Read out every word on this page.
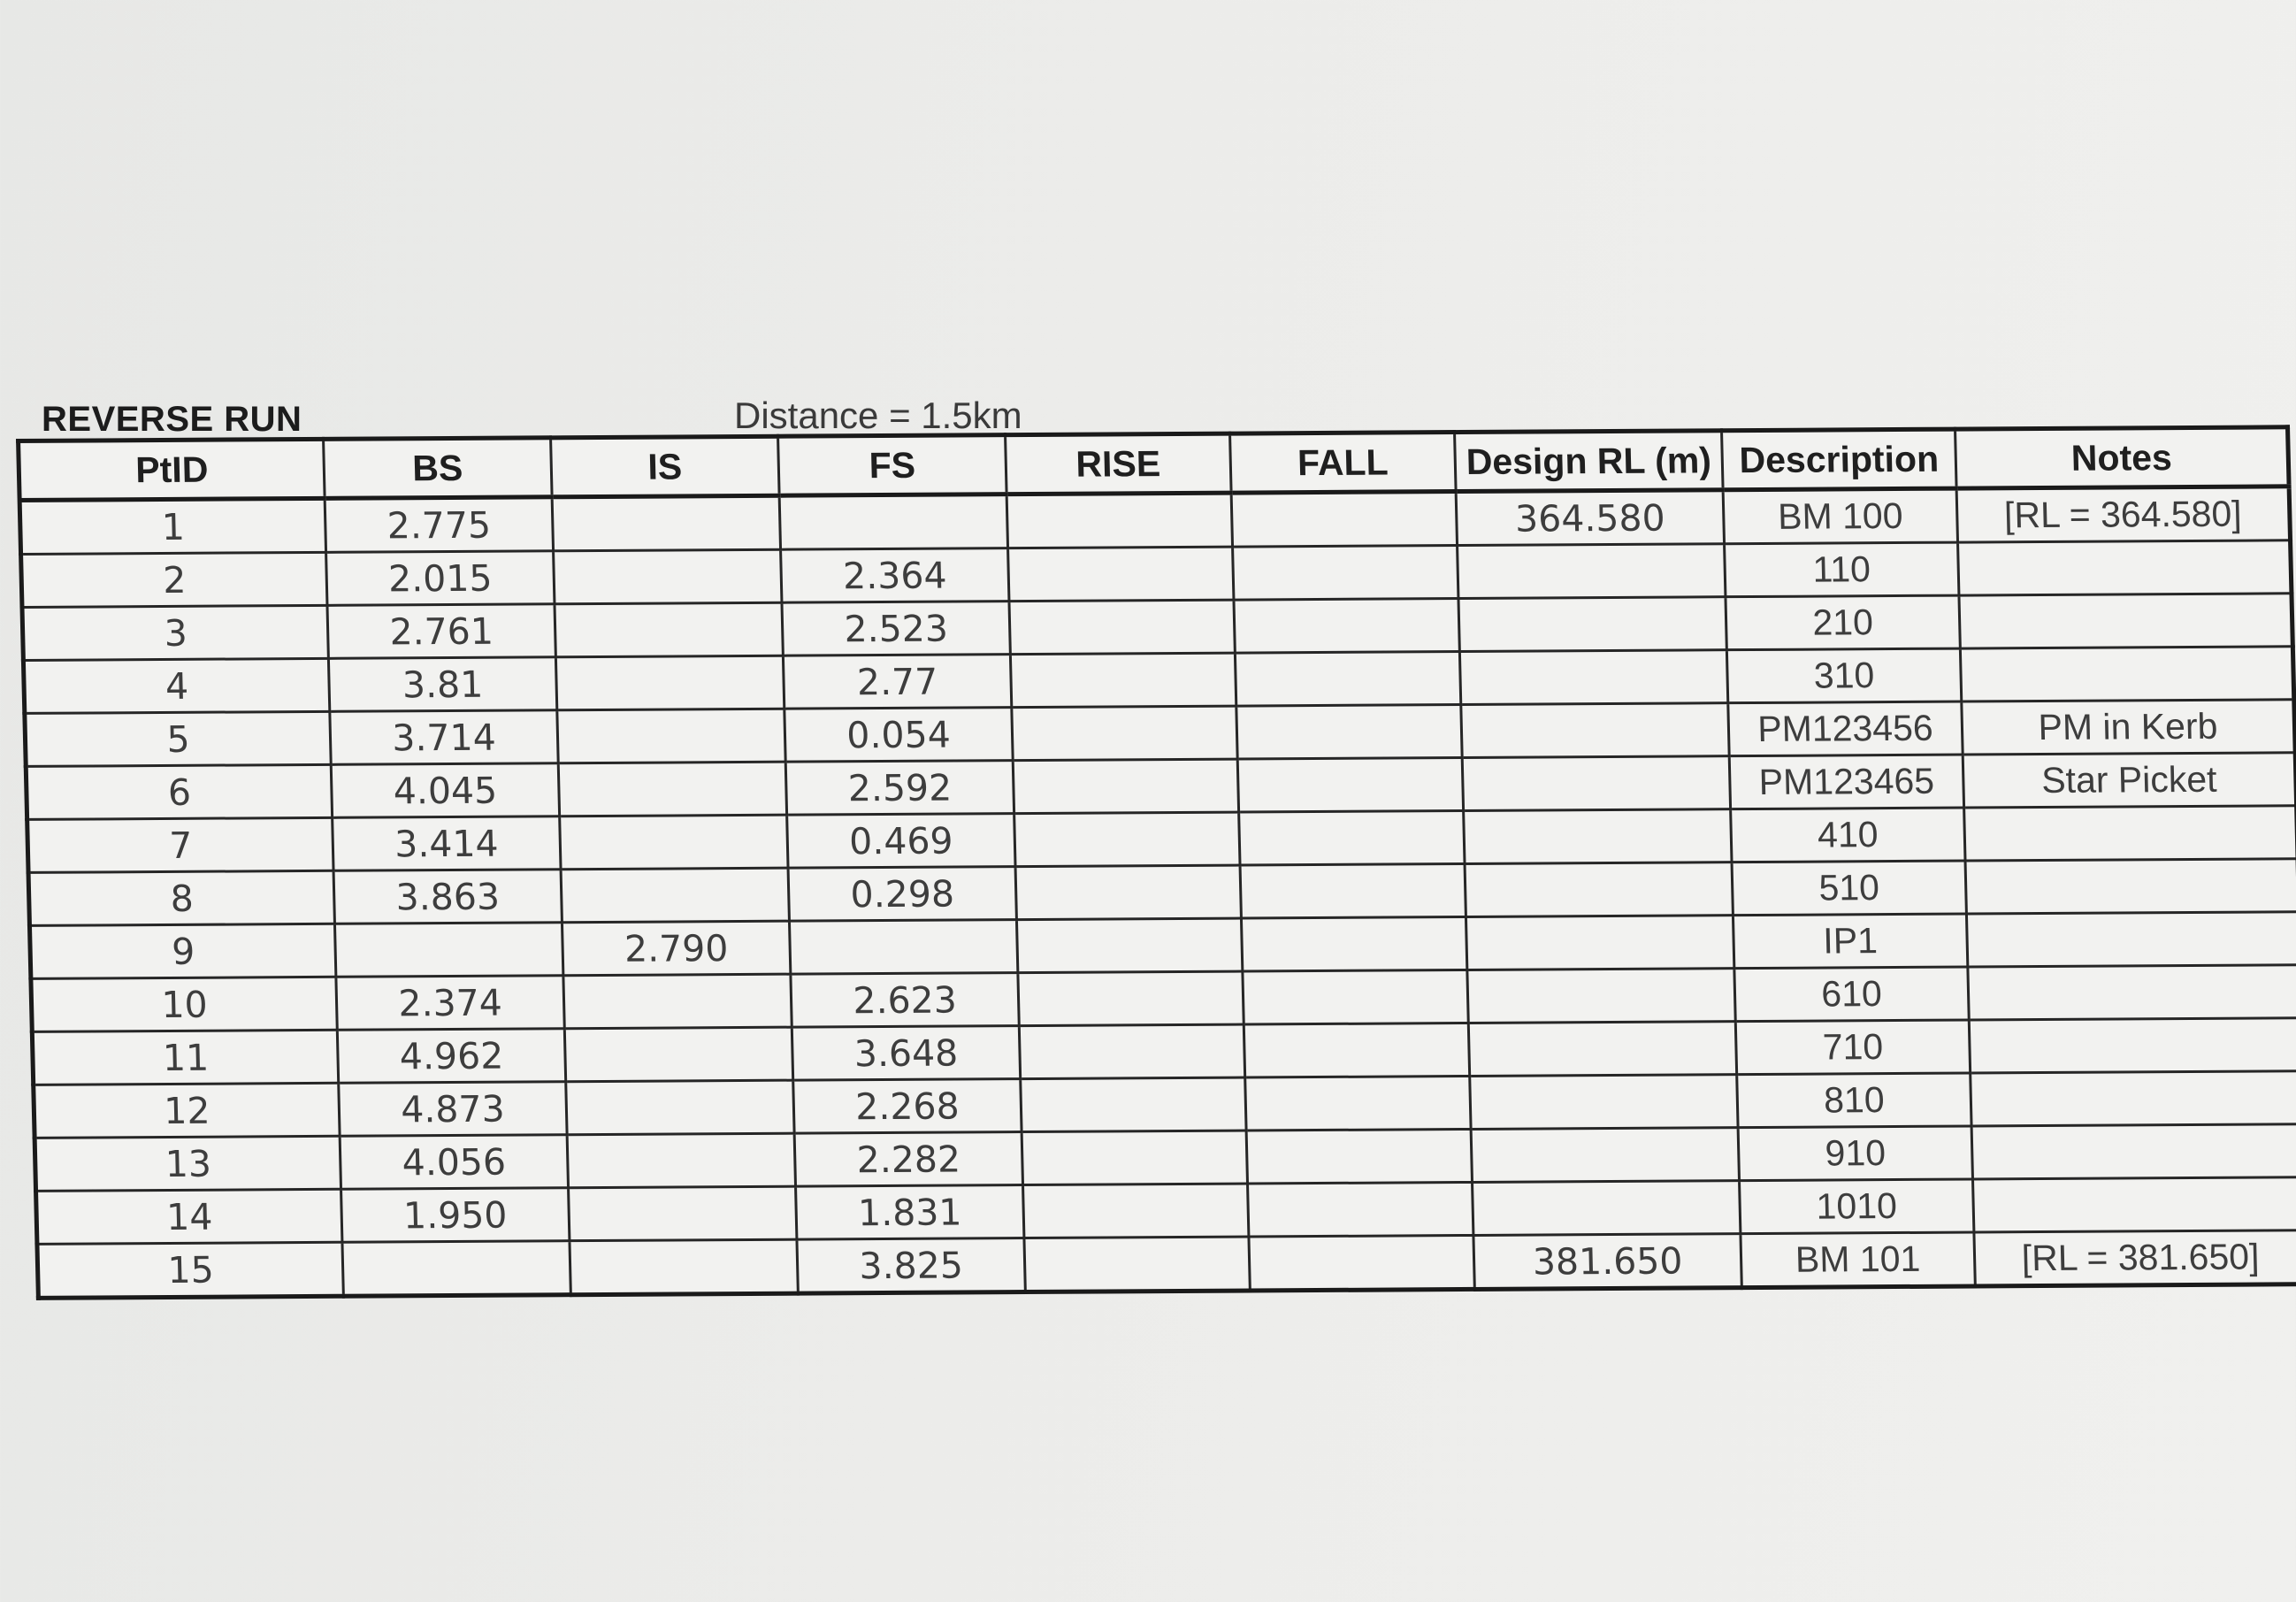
REVERSE RUN	Distance = 1.5km
PtID	BS	IS	FS	RISE	FALL	Design RL (m)	Description	Notes
1	2.775					364.580	BM 100	[RL = 364.580]
2	2.015		2.364				110	
3	2.761		2.523				210	
4	3.81		2.77				310	
5	3.714		0.054				PM123456	PM in Kerb
6	4.045		2.592				PM123465	Star Picket
7	3.414		0.469				410	
8	3.863		0.298				510	
9		2.790					IP1	
10	2.374		2.623				610	
11	4.962		3.648				710	
12	4.873		2.268				810	
13	4.056		2.282				910	
14	1.950		1.831				1010	
15			3.825			381.650	BM 101	[RL = 381.650]
